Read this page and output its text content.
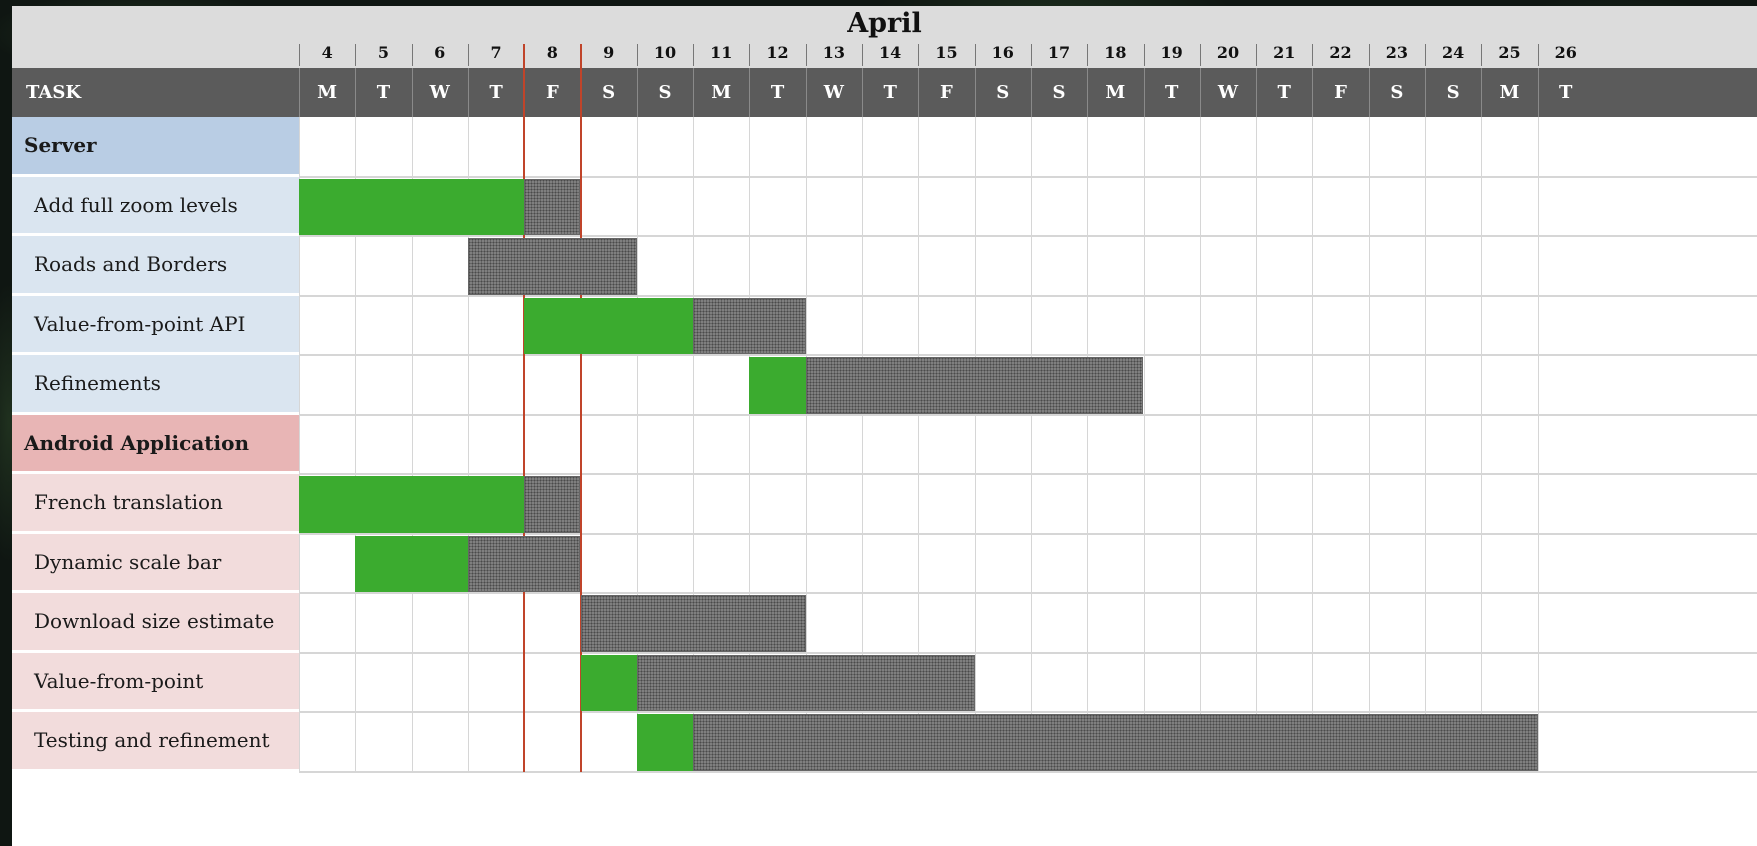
April
TASK
4
M
5
T
6
W
7
T
8
F
9
S
10
S
11
M
12
T
13
W
14
T
15
F
16
S
17
S
18
M
19
T
20
W
21
T
22
F
23
S
24
S
25
M
26
T
Server
Add full zoom levels
Roads and Borders
Value-from-point API
Refinements
Android Application
French translation
Dynamic scale bar
Download size estimate
Value-from-point
Testing and refinement
